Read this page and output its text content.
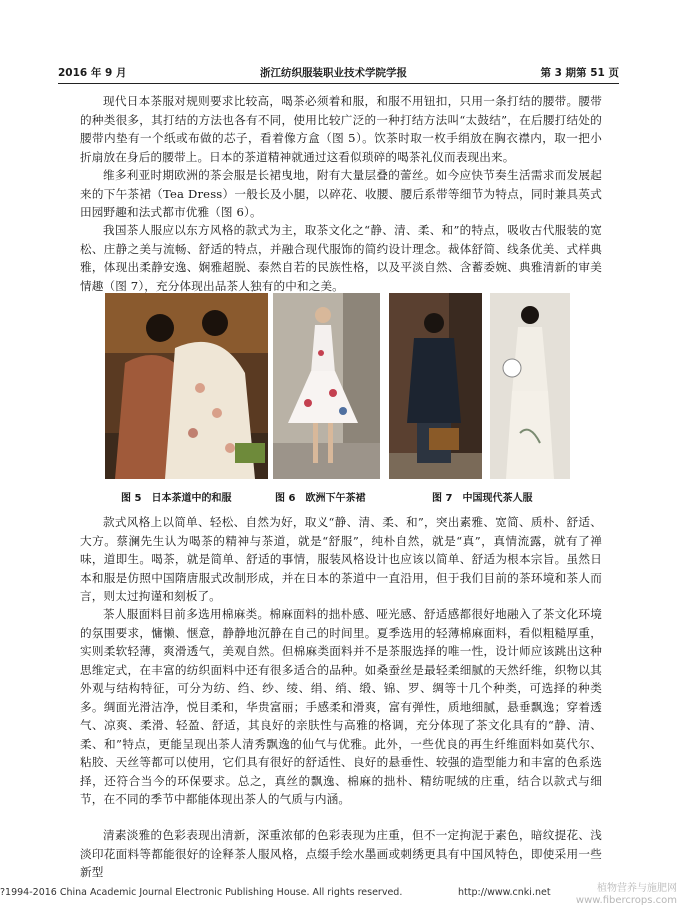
2016 年 9 月	浙江纺织服装职业技术学院学报	第 3 期第 51 页

现代日本茶服对规则要求比较高，喝茶必须着和服，和服不用钮扣，只用一条打结的腰带。腰带的种类很多，其打结的方法也各有不同，使用比较广泛的一种打结方法叫“太鼓结”，在后腰打结处的腰带内垫有一个纸或布做的芯子，看着像方盒（图 5）。饮茶时取一枚手绢放在胸衣襟内，取一把小折扇放在身后的腰带上。日本的茶道精神就通过这看似琐碎的喝茶礼仪而表现出来。

维多利亚时期欧洲的茶会服是长裙曳地，附有大量层叠的蕾丝。如今应快节奏生活需求而发展起来的下午茶裙（Tea Dress）一般长及小腿，以碎花、收腰、腰后系带等细节为特点，同时兼具英式田园野趣和法式都市优雅（图 6）。

我国茶人服应以东方风格的款式为主，取茶文化之“静、清、柔、和”的特点，吸收古代服装的宽松、庄静之美与流畅、舒适的特点，并融合现代服饰的简约设计理念。裁体舒简、线条优美、式样典雅，体现出柔静安逸、娴雅超脱、泰然自若的民族性格，以及平淡自然、含蓄委婉、典雅清新的审美情趣（图 7），充分体现出品茶人独有的中和之美。

图 5　日本茶道中的和服	图 6　欧洲下午茶裙	图 7　中国现代茶人服

款式风格上以简单、轻松、自然为好，取义“静、清、柔、和”，突出素雅、宽简、质朴、舒适、大方。蔡澜先生认为喝茶的精神与茶道，就是“舒服”，纯朴自然，就是“真”，真情流露，就有了禅味，道即生。喝茶，就是简单、舒适的事情，服装风格设计也应该以简单、舒适为根本宗旨。虽然日本和服是仿照中国隋唐服式改制形成，并在日本的茶道中一直沿用，但于我们目前的茶环境和茶人而言，则太过拘谨和刻板了。

茶人服面料目前多选用棉麻类。棉麻面料的拙朴感、哑光感、舒适感都很好地融入了茶文化环境的氛围要求，慵懒、惬意，静静地沉静在自己的时间里。夏季选用的轻薄棉麻面料，看似粗糙厚重，实则柔软轻薄，爽滑透气，美观自然。但棉麻类面料并不是茶服选择的唯一性，设计师应该跳出这种思维定式，在丰富的纺织面料中还有很多适合的品种。如桑蚕丝是最轻柔细腻的天然纤维，织物以其外观与结构特征，可分为纺、绉、纱、绫、绢、绡、缎、锦、罗、绸等十几个种类，可选择的种类多。绸面光滑洁净，悦目柔和，华贵富丽；手感柔和滑爽，富有弹性，质地细腻，悬垂飘逸；穿着透气、凉爽、柔滑、轻盈、舒适，其良好的亲肤性与高雅的格调，充分体现了茶文化具有的“静、清、柔、和”特点，更能呈现出茶人清秀飘逸的仙气与优雅。此外，一些优良的再生纤维面料如莫代尔、粘胶、天丝等都可以使用，它们具有很好的舒适性、良好的悬垂性、较强的造型能力和丰富的色系选择，还符合当今的环保要求。总之，真丝的飘逸、棉麻的拙朴、精纺呢绒的庄重，结合以款式与细节，在不同的季节中都能体现出茶人的气质与内涵。

清素淡雅的色彩表现出清新，深重浓郁的色彩表现为庄重，但不一定拘泥于素色，暗纹提花、浅淡印花面料等都能很好的诠释茶人服风格，点缀手绘水墨画或刺绣更具有中国风特色，即使采用一些新型

?1994-2016 China Academic Journal Electronic Publishing House. All rights reserved.	http://www.cnki.net	植物营养与施肥网
www.fibercrops.com
